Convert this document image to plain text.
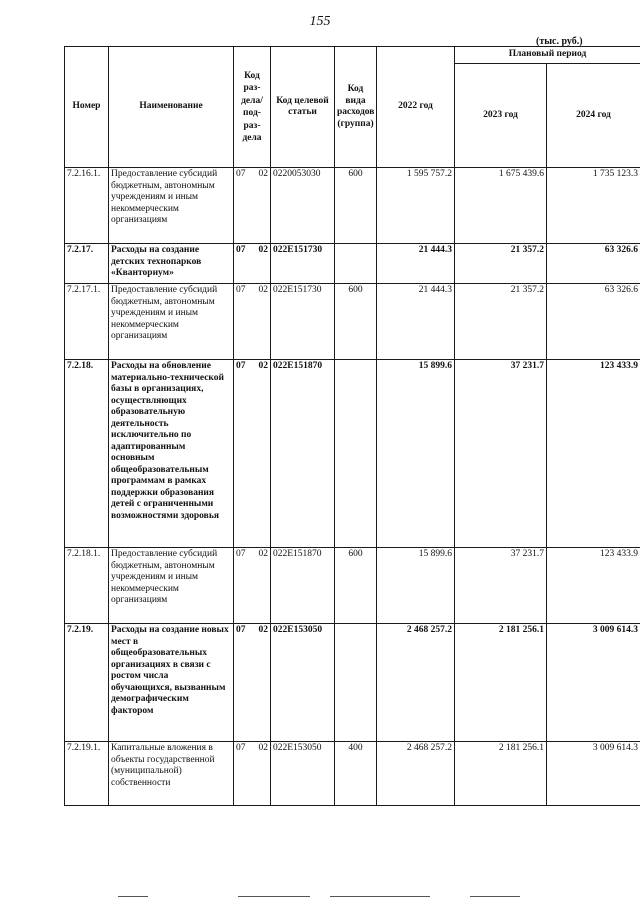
155
(тыс. руб.)
Номер	Наименование	Код раз- дела/ под- раз- дела	Код целевой статьи	Код вида расходов (группа)	2022 год	Плановый период	
						2023 год	2024 год
7.2.16.1.	Предоставление субсидий бюджетным, автономным учреждениям и иным некоммерческим организациям	07 02	0220053030	600	1 595 757.2	1 675 439.6	1 735 123.3
7.2.17.	Расходы на создание детских технопарков «Кванториум»	07 02	022E151730		21 444.3	21 357.2	63 326.6
7.2.17.1.	Предоставление субсидий бюджетным, автономным учреждениям и иным некоммерческим организациям	07 02	022E151730	600	21 444.3	21 357.2	63 326.6
7.2.18.	Расходы на обновление материально-технической базы в организациях, осуществляющих образовательную деятельность исключительно по адаптированным основным общеобразовательным программам в рамках поддержки образования детей с ограниченными возможностями здоровья	07 02	022E151870		15 899.6	37 231.7	123 433.9
7.2.18.1.	Предоставление субсидий бюджетным, автономным учреждениям и иным некоммерческим организациям	07 02	022E151870	600	15 899.6	37 231.7	123 433.9
7.2.19.	Расходы на создание новых мест в общеобразовательных организациях в связи с ростом числа обучающихся, вызванным демографическим фактором	07 02	022E153050		2 468 257.2	2 181 256.1	3 009 614.3
7.2.19.1.	Капитальные вложения в объекты государственной (муниципальной) собственности	07 02	022E153050	400	2 468 257.2	2 181 256.1	3 009 614.3
